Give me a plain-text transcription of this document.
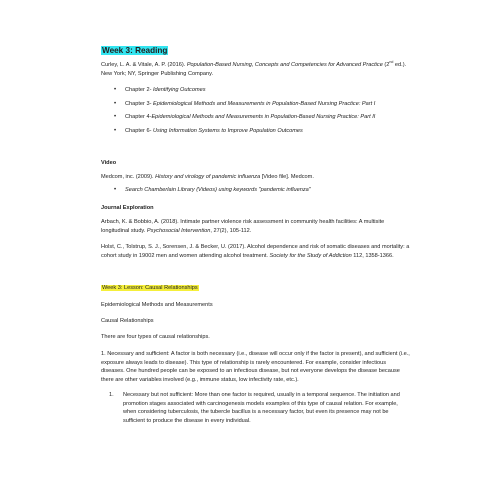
Week 3: Reading
Curley, L. A. & Vitale, A. P. (2016). Population-Based Nursing, Concepts and Competencies for Advanced Practice (2nd ed.). New York; NY, Springer Publishing Company.
• Chapter 2- Identifying Outcomes
• Chapter 3- Epidemiological Methods and Measurements in Population-Based Nursing Practice: Part I
• Chapter 4-Epidemiological Methods and Measurements in Population-Based Nursing Practice: Part II
• Chapter 6- Using Information Systems to Improve Population Outcomes
Video
Medcom, inc. (2009). History and virology of pandemic influenza [Video file]. Medcom.
• Search Chamberlain Library (Videos) using keywords "pandemic influenza"
Journal Exploration
Arbach, K. & Bobbio, A. (2018). Intimate partner violence risk assessment in community health facilities: A multisite longitudinal study. Psychosocial Intervention, 27(2), 105-112.
Holst, C., Tolstrup, S. J., Sorensen, J. & Becker, U. (2017). Alcohol dependence and risk of somatic diseases and mortality: a cohort study in 19002 men and women attending alcohol treatment. Society for the Study of Addiction 112, 1358-1366.
Week 3: Lesson: Causal Relationships
Epidemiological Methods and Measurements
Causal Relationships
There are four types of causal relationships.
1. Necessary and sufficient: A factor is both necessary (i.e., disease will occur only if the factor is present), and sufficient (i.e., exposure always leads to disease). This type of relationship is rarely encountered. For example, consider infectious diseases. One hundred people can be exposed to an infectious disease, but not everyone develops the disease because there are other variables involved (e.g., immune status, low infectivity rate, etc.).
1. Necessary but not sufficient: More than one factor is required, usually in a temporal sequence. The initiation and promotion stages associated with carcinogenesis models examples of this type of causal relation. For example, when considering tuberculosis, the tubercle bacillus is a necessary factor, but even its presence may not be sufficient to produce the disease in every individual.
